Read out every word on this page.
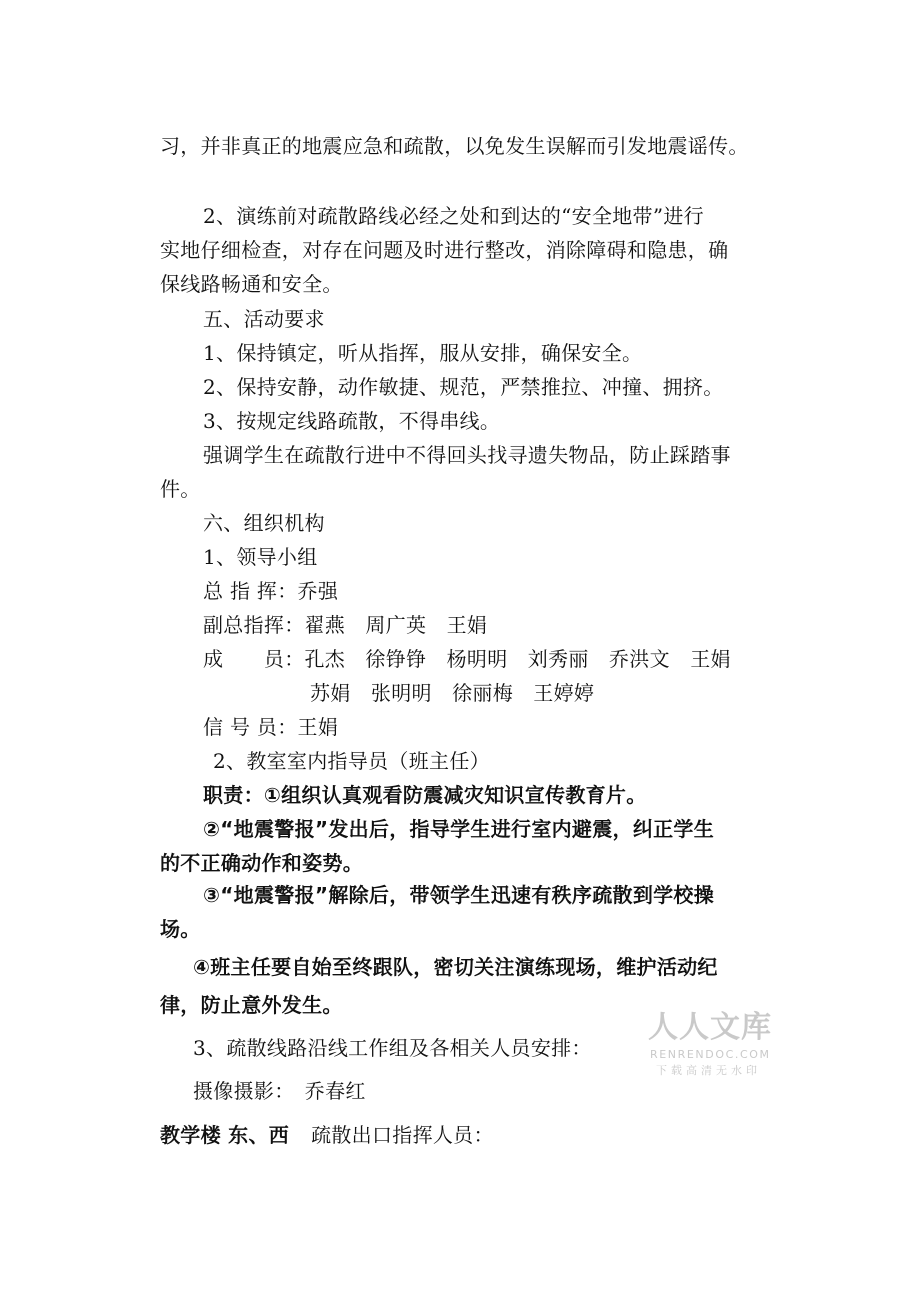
习，并非真正的地震应急和疏散，以免发生误解而引发地震谣传。
2、演练前对疏散路线必经之处和到达的“安全地带”进行
实地仔细检查，对存在问题及时进行整改，消除障碍和隐患，确
保线路畅通和安全。
五、活动要求
1、保持镇定，听从指挥，服从安排，确保安全。
2、保持安静，动作敏捷、规范，严禁推拉、冲撞、拥挤。
3、按规定线路疏散，不得串线。
强调学生在疏散行进中不得回头找寻遗失物品，防止踩踏事
件。
六、组织机构
1、领导小组
总 指 挥：乔强
副总指挥：翟燕　周广英　王娟
成　　员：孔杰　徐铮铮　杨明明　刘秀丽　乔洪文　王娟
苏娟　张明明　徐丽梅　王婷婷
信 号 员：王娟
2、教室室内指导员（班主任）
职责：①组织认真观看防震减灾知识宣传教育片。
②“地震警报”发出后，指导学生进行室内避震，纠正学生
的不正确动作和姿势。
③“地震警报”解除后，带领学生迅速有秩序疏散到学校操
场。
④班主任要自始至终跟队，密切关注演练现场，维护活动纪
律，防止意外发生。
3、疏散线路沿线工作组及各相关人员安排：
摄像摄影：　乔春红
教学楼 东、西 疏散出口指挥人员：
人人文库
RENRENDOC.COM
下载高清无水印
